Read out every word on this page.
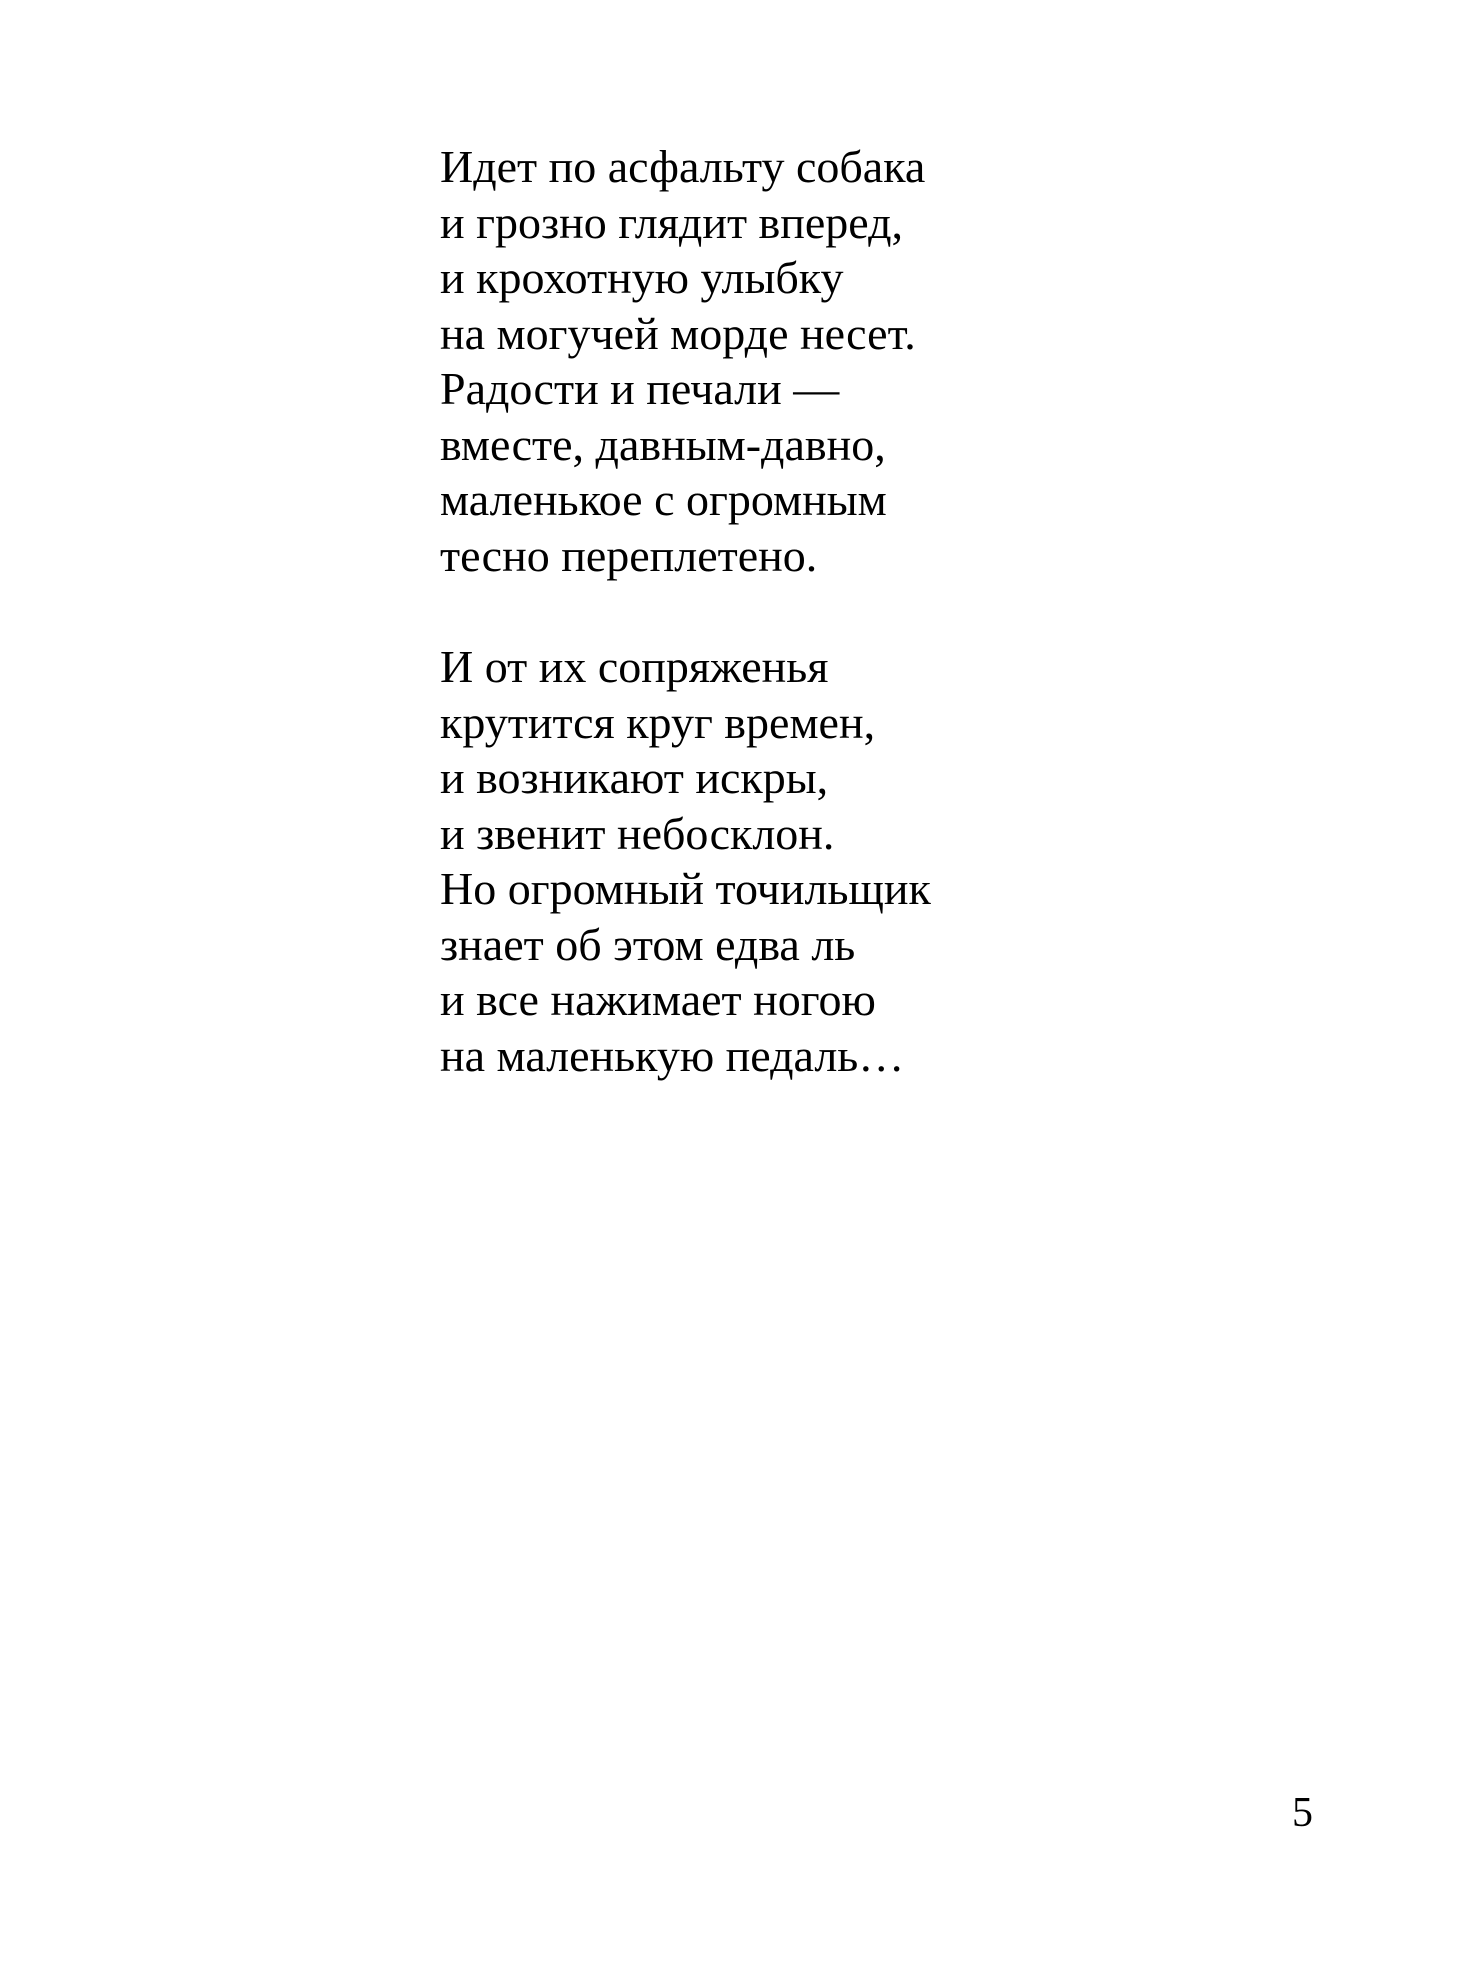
Идет по асфальту собака
и грозно глядит вперед,
и крохотную улыбку
на могучей морде несет.
Радости и печали —
вместе, давным-давно,
маленькое с огромным
тесно переплетено.
И от их сопряженья
крутится круг времен,
и возникают искры,
и звенит небосклон.
Но огромный точильщик
знает об этом едва ль
и все нажимает ногою
на маленькую педаль…
5
